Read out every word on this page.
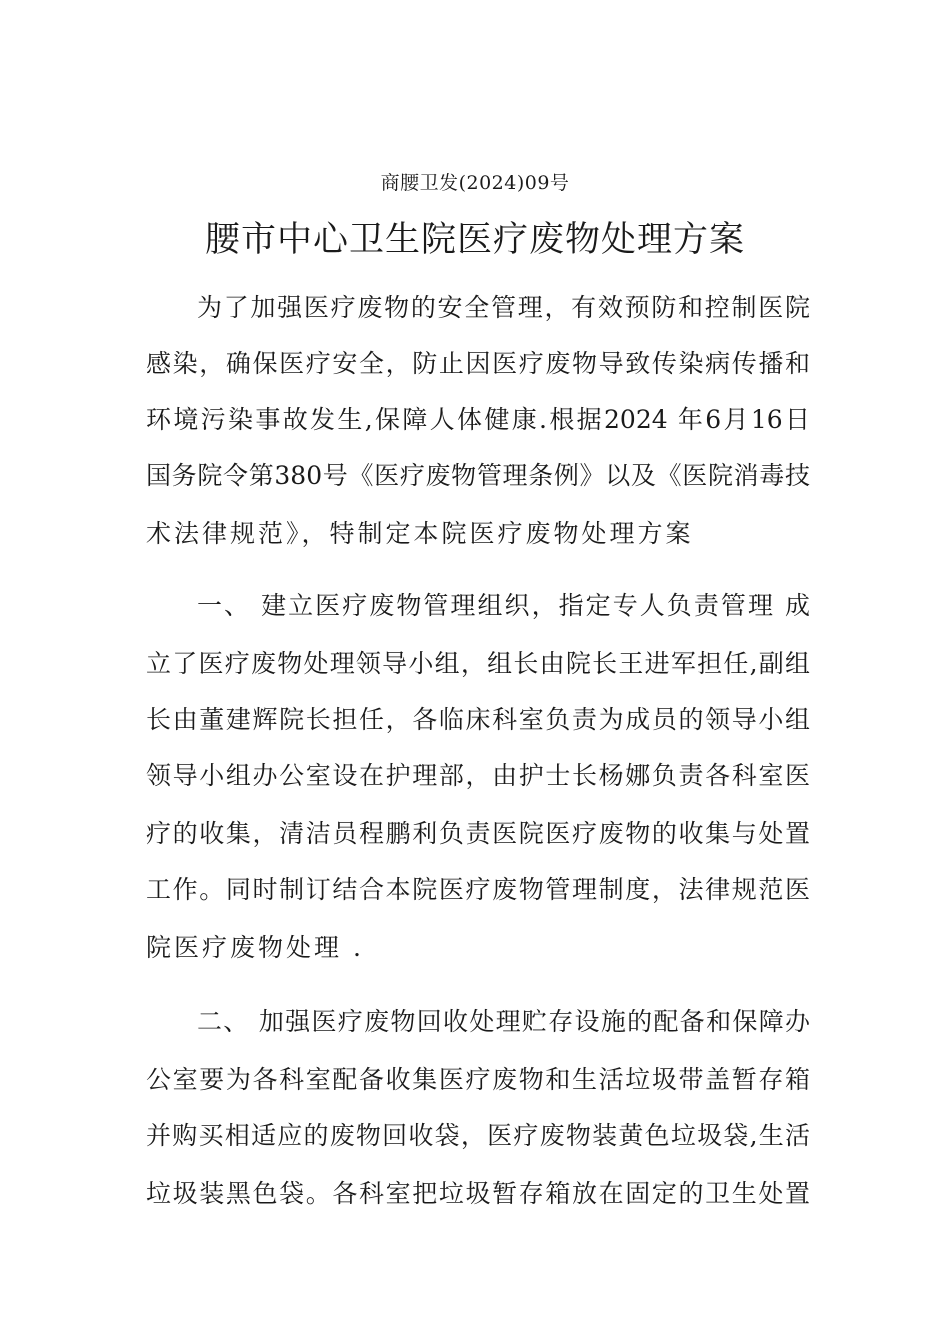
商腰卫发(2024)09号
腰市中心卫生院医疗废物处理方案
为了加强医疗废物的安全管理，有效预防和控制医院
感染，确保医疗安全，防止因医疗废物导致传染病传播和
环境污染事故发生,保障人体健康.根据2024 年6月16日
国务院令第380号《医疗废物管理条例》以及《医院消毒技
术法律规范》，特制定本院医疗废物处理方案
一、 建立医疗废物管理组织，指定专人负责管理 成
立了医疗废物处理领导小组，组长由院长王进军担任,副组
长由董建辉院长担任，各临床科室负责为成员的领导小组
领导小组办公室设在护理部，由护士长杨娜负责各科室医
疗的收集，清洁员程鹏利负责医院医疗废物的收集与处置
工作。同时制订结合本院医疗废物管理制度，法律规范医
院医疗废物处理 .
二、 加强医疗废物回收处理贮存设施的配备和保障办
公室要为各科室配备收集医疗废物和生活垃圾带盖暂存箱
并购买相适应的废物回收袋，医疗废物装黄色垃圾袋,生活
垃圾装黑色袋。各科室把垃圾暂存箱放在固定的卫生处置
